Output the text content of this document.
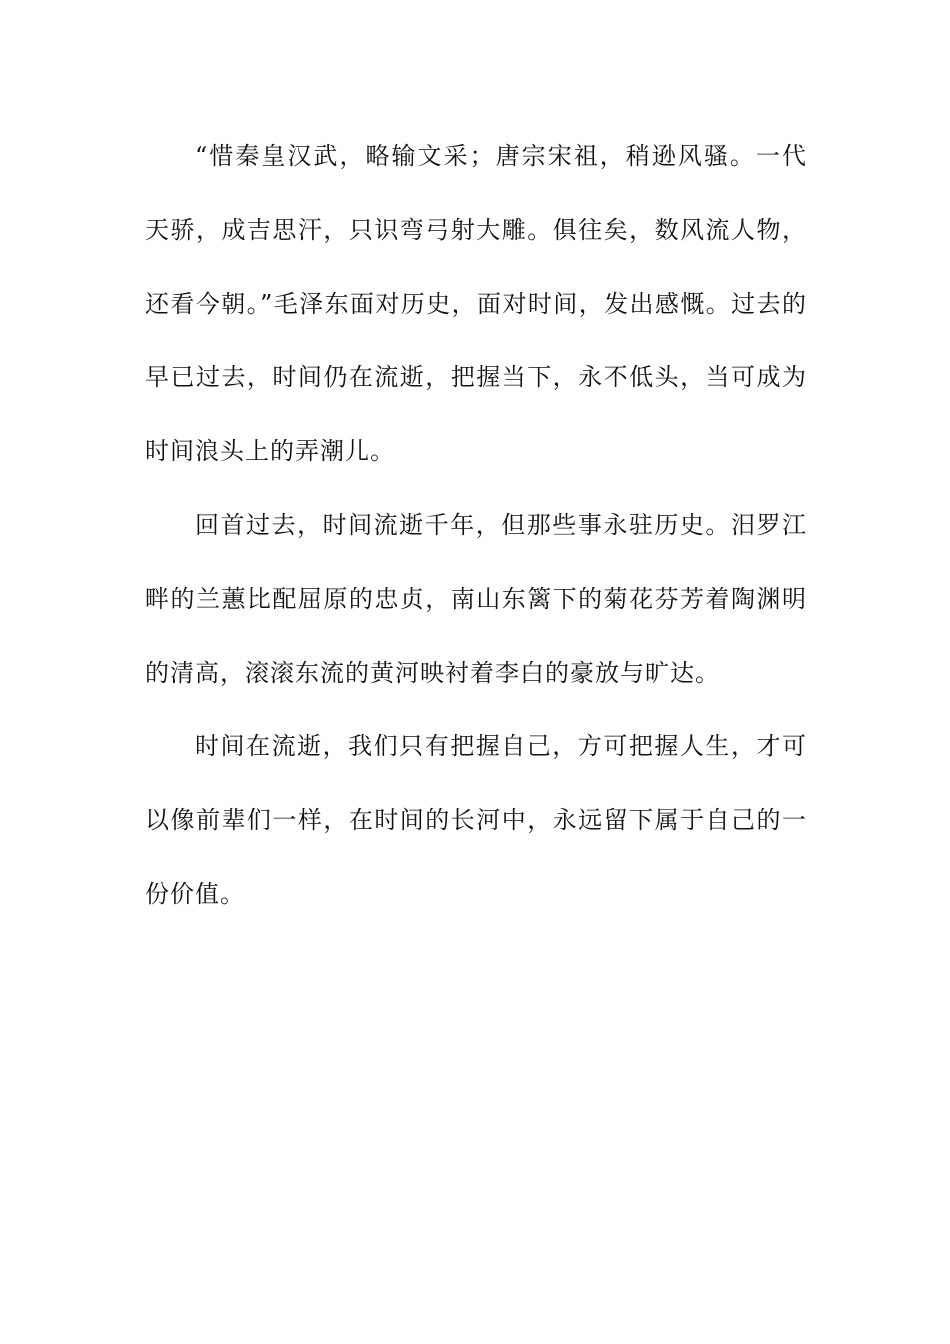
“惜秦皇汉武，略输文采；唐宗宋祖，稍逊风骚。一代天骄，成吉思汗，只识弯弓射大雕。俱往矣，数风流人物，还看今朝。”毛泽东面对历史，面对时间，发出感慨。过去的早已过去，时间仍在流逝，把握当下，永不低头，当可成为时间浪头上的弄潮儿。

回首过去，时间流逝千年，但那些事永驻历史。汨罗江畔的兰蕙比配屈原的忠贞，南山东篱下的菊花芬芳着陶渊明的清高，滚滚东流的黄河映衬着李白的豪放与旷达。

时间在流逝，我们只有把握自己，方可把握人生，才可以像前辈们一样，在时间的长河中，永远留下属于自己的一份价值。
